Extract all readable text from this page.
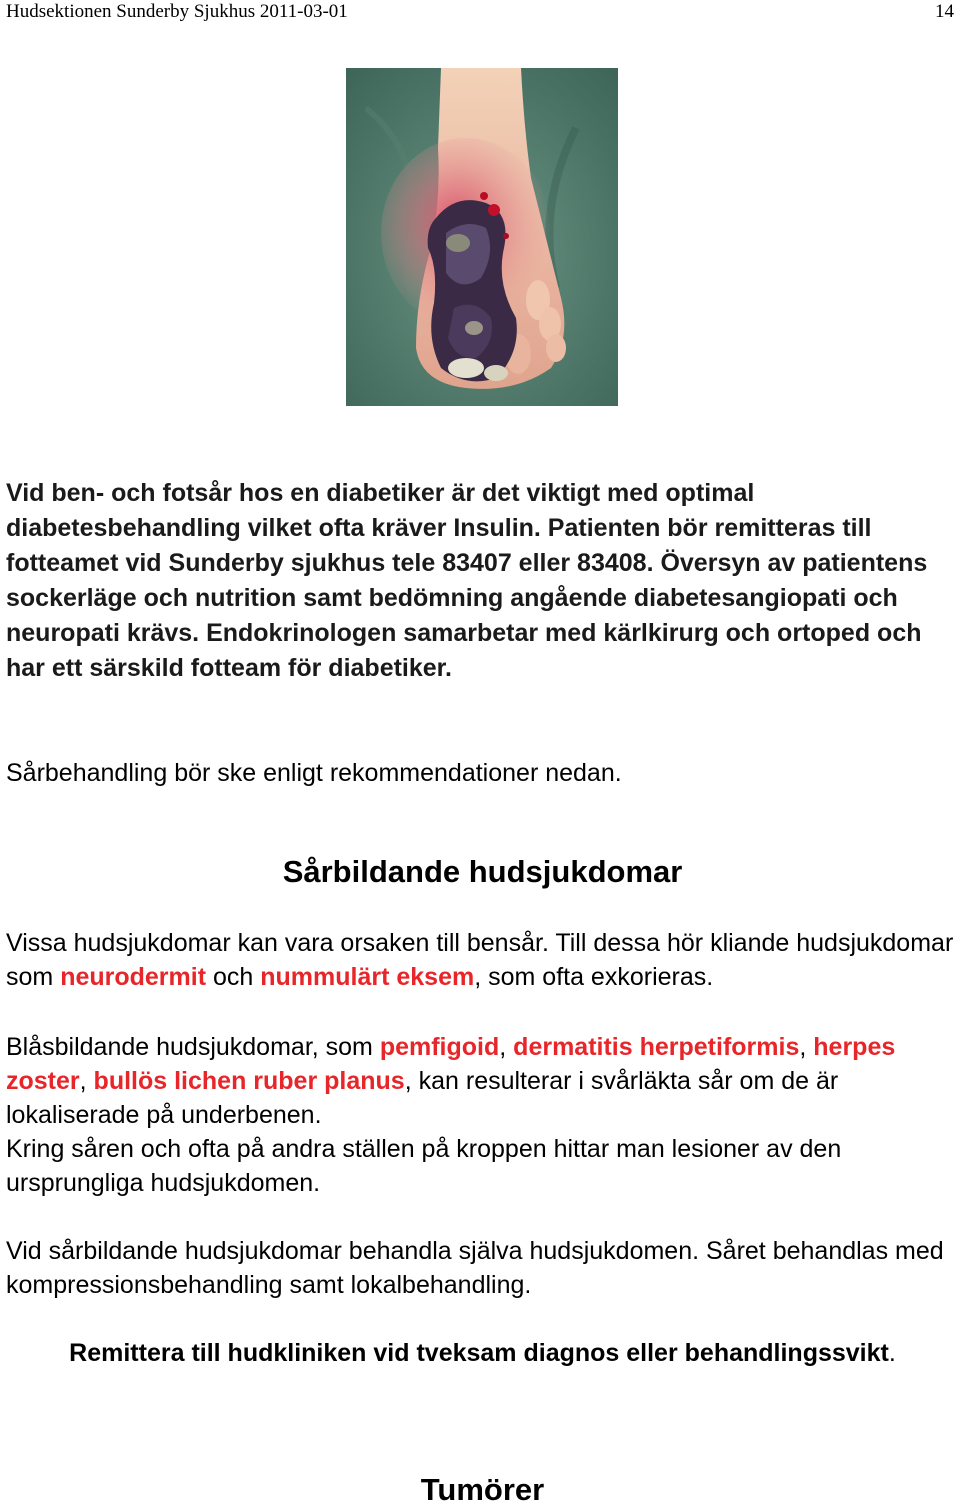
Hudsektionen Sunderby Sjukhus 2011-03-01	14

Vid ben- och fotsår hos en diabetiker är det viktigt med optimal diabetesbehandling vilket ofta kräver Insulin. Patienten bör remitteras till fotteamet vid Sunderby sjukhus tele 83407 eller 83408. Översyn av patientens sockerläge och nutrition samt bedömning angående diabetesangiopati och neuropati krävs. Endokrinologen samarbetar med kärlkirurg och ortoped och har ett särskild fotteam för diabetiker.

Sårbehandling bör ske enligt rekommendationer nedan.

Sårbildande hudsjukdomar

Vissa hudsjukdomar kan vara orsaken till bensår. Till dessa hör kliande hudsjukdomar som neurodermit och nummulärt eksem, som ofta exkorieras.

Blåsbildande hudsjukdomar, som pemfigoid, dermatitis herpetiformis, herpes zoster, bullös lichen ruber planus, kan resulterar i svårläkta sår om de är lokaliserade på underbenen.

Kring såren och ofta på andra ställen på kroppen hittar man lesioner av den ursprungliga hudsjukdomen.

Vid sårbildande hudsjukdomar behandla själva hudsjukdomen. Såret behandlas med kompressionsbehandling samt lokalbehandling.

Remittera till hudkliniken vid tveksam diagnos eller behandlingssvikt.

Tumörer
